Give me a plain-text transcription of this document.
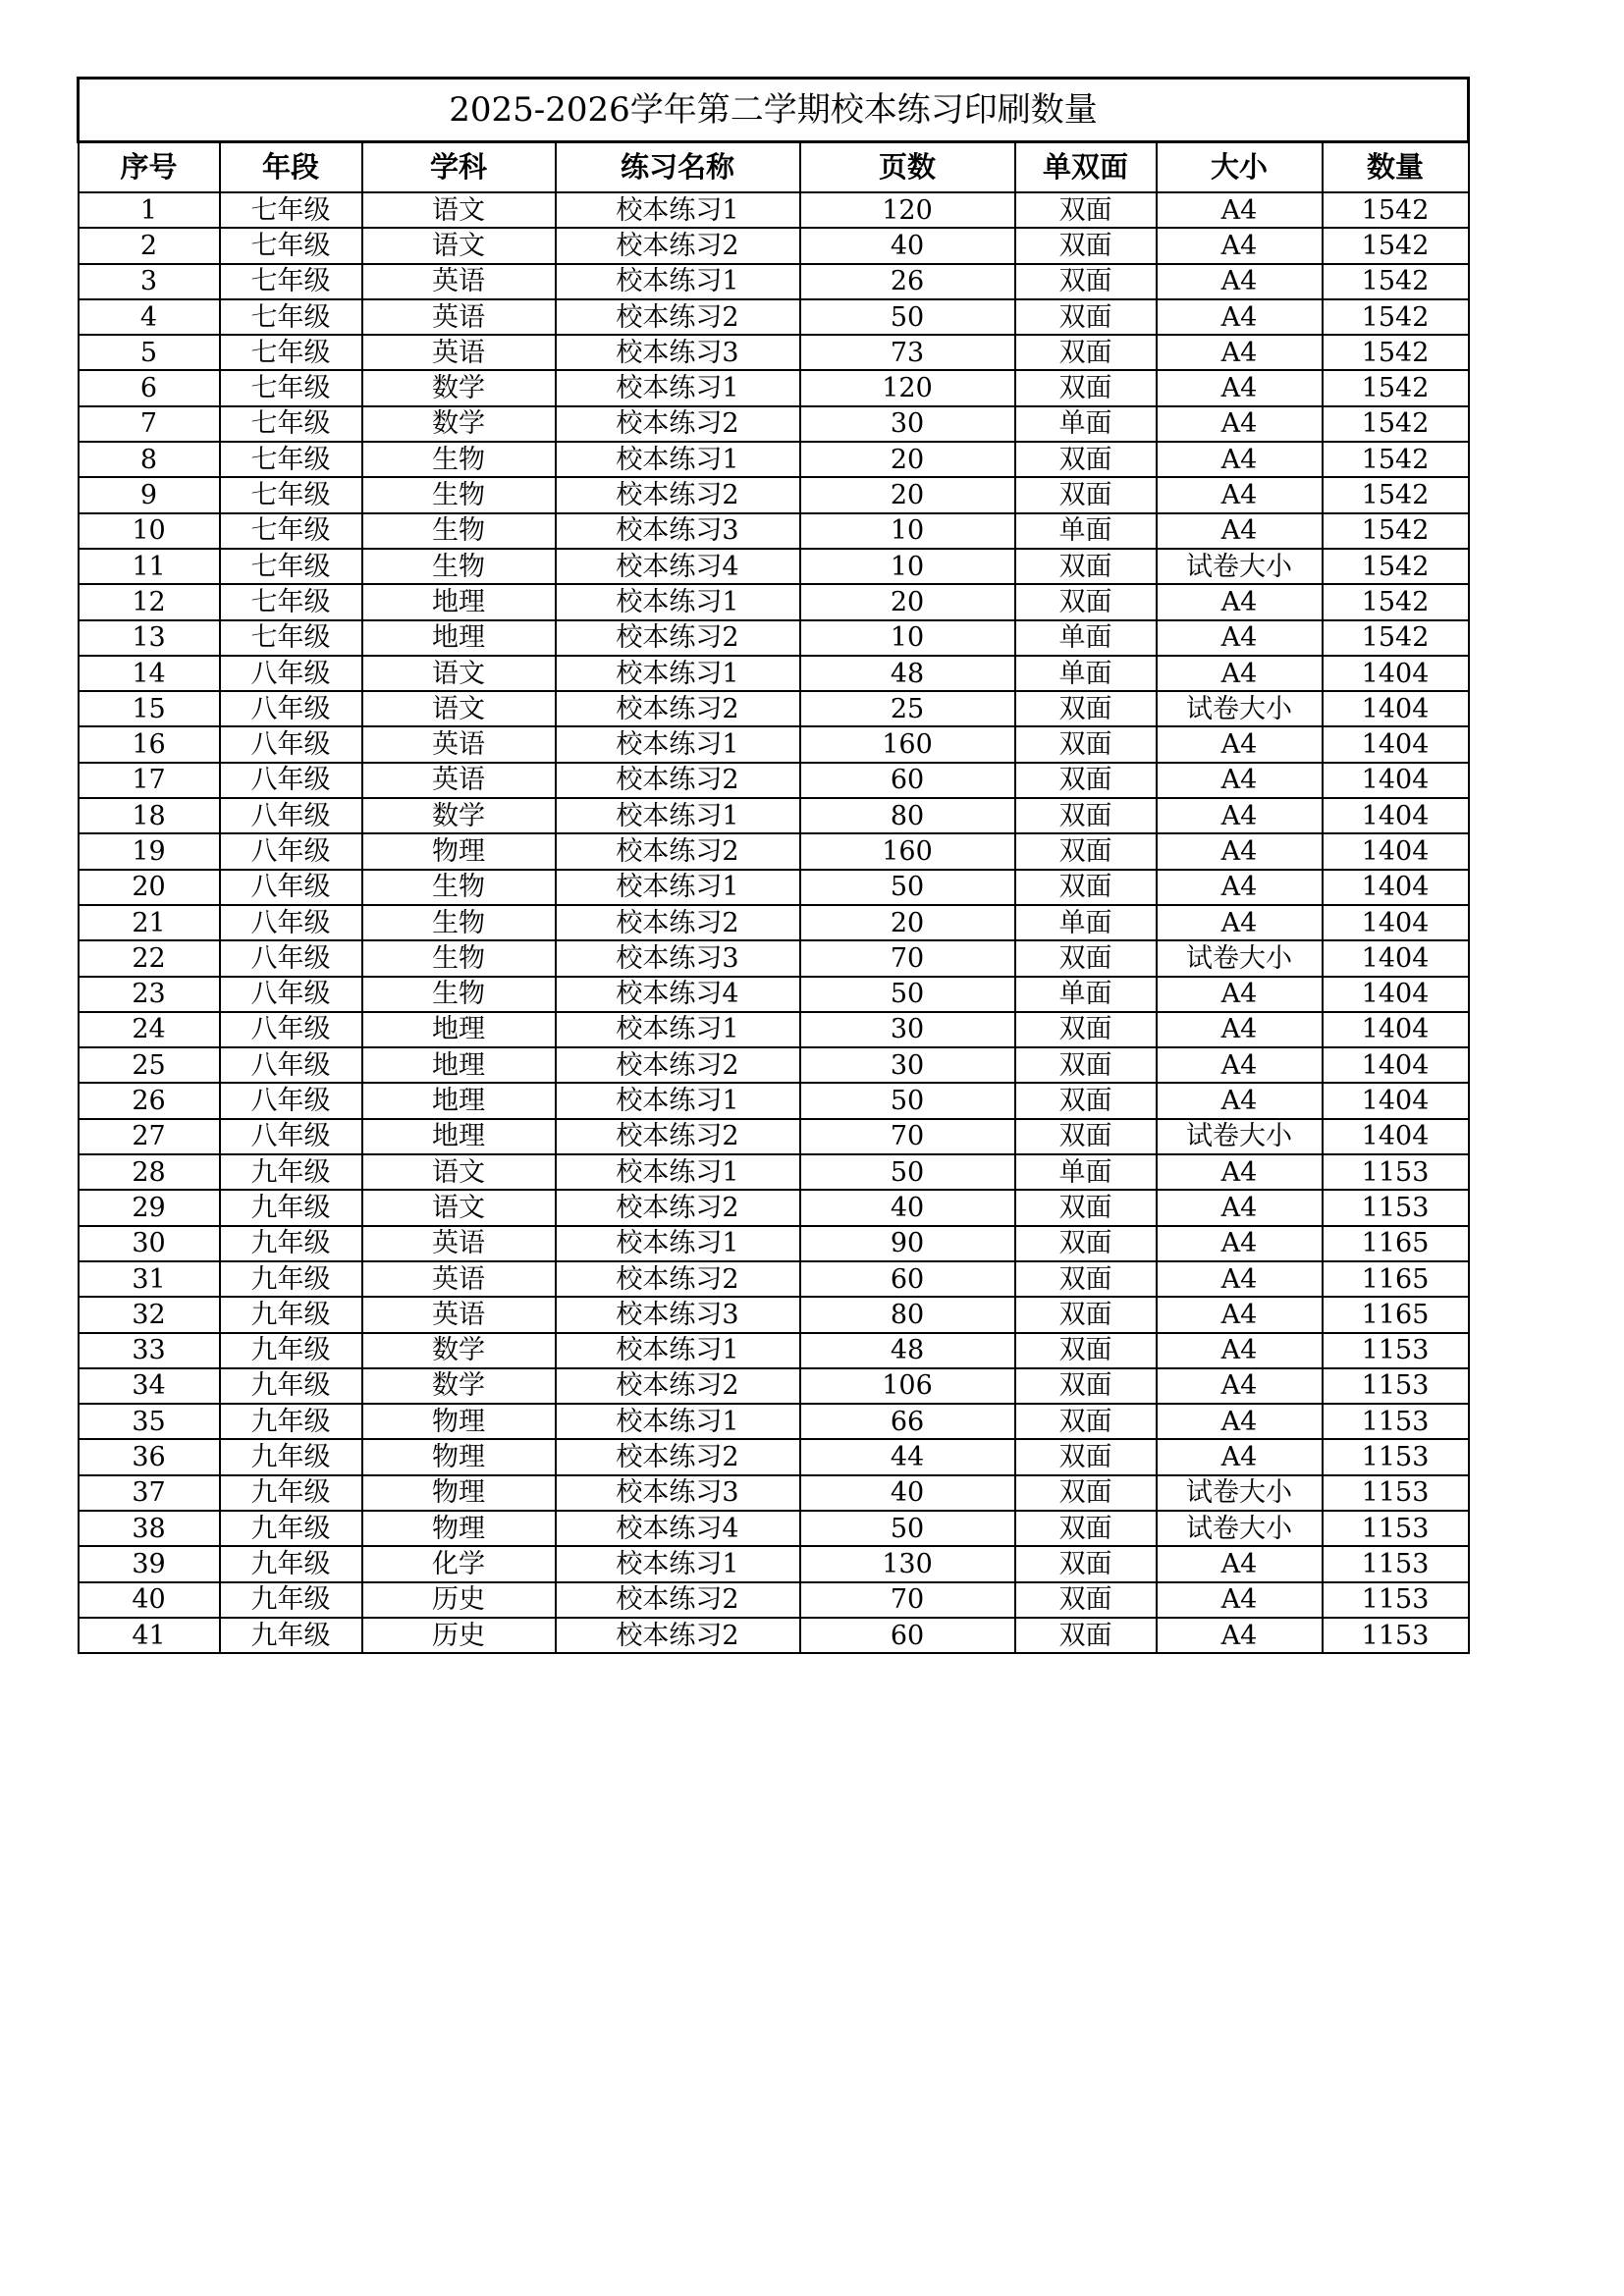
2025-2026学年第二学期校本练习印刷数量							
序号	年段	学科	练习名称	页数	单双面	大小	数量
1	七年级	语文	校本练习1	120	双面	A4	1542
2	七年级	语文	校本练习2	40	双面	A4	1542
3	七年级	英语	校本练习1	26	双面	A4	1542
4	七年级	英语	校本练习2	50	双面	A4	1542
5	七年级	英语	校本练习3	73	双面	A4	1542
6	七年级	数学	校本练习1	120	双面	A4	1542
7	七年级	数学	校本练习2	30	单面	A4	1542
8	七年级	生物	校本练习1	20	双面	A4	1542
9	七年级	生物	校本练习2	20	双面	A4	1542
10	七年级	生物	校本练习3	10	单面	A4	1542
11	七年级	生物	校本练习4	10	双面	试卷大小	1542
12	七年级	地理	校本练习1	20	双面	A4	1542
13	七年级	地理	校本练习2	10	单面	A4	1542
14	八年级	语文	校本练习1	48	单面	A4	1404
15	八年级	语文	校本练习2	25	双面	试卷大小	1404
16	八年级	英语	校本练习1	160	双面	A4	1404
17	八年级	英语	校本练习2	60	双面	A4	1404
18	八年级	数学	校本练习1	80	双面	A4	1404
19	八年级	物理	校本练习2	160	双面	A4	1404
20	八年级	生物	校本练习1	50	双面	A4	1404
21	八年级	生物	校本练习2	20	单面	A4	1404
22	八年级	生物	校本练习3	70	双面	试卷大小	1404
23	八年级	生物	校本练习4	50	单面	A4	1404
24	八年级	地理	校本练习1	30	双面	A4	1404
25	八年级	地理	校本练习2	30	双面	A4	1404
26	八年级	地理	校本练习1	50	双面	A4	1404
27	八年级	地理	校本练习2	70	双面	试卷大小	1404
28	九年级	语文	校本练习1	50	单面	A4	1153
29	九年级	语文	校本练习2	40	双面	A4	1153
30	九年级	英语	校本练习1	90	双面	A4	1165
31	九年级	英语	校本练习2	60	双面	A4	1165
32	九年级	英语	校本练习3	80	双面	A4	1165
33	九年级	数学	校本练习1	48	双面	A4	1153
34	九年级	数学	校本练习2	106	双面	A4	1153
35	九年级	物理	校本练习1	66	双面	A4	1153
36	九年级	物理	校本练习2	44	双面	A4	1153
37	九年级	物理	校本练习3	40	双面	试卷大小	1153
38	九年级	物理	校本练习4	50	双面	试卷大小	1153
39	九年级	化学	校本练习1	130	双面	A4	1153
40	九年级	历史	校本练习2	70	双面	A4	1153
41	九年级	历史	校本练习2	60	双面	A4	1153
